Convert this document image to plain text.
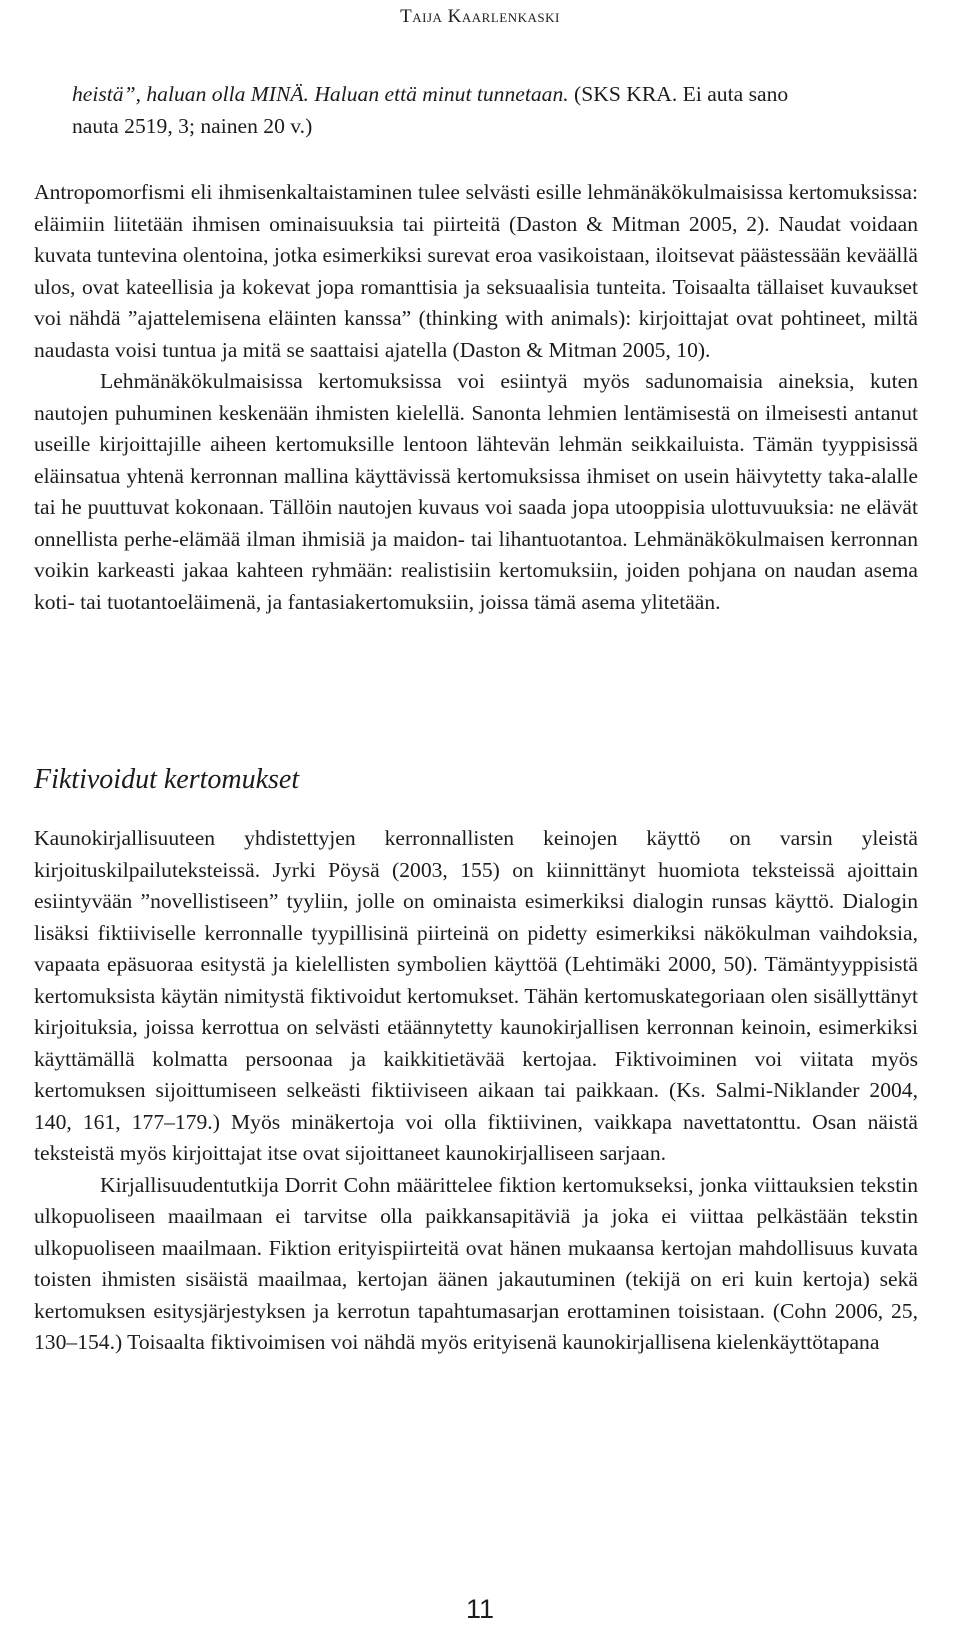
Taija Kaarlenkaski
heistä”, haluan olla MINÄ. Haluan että minut tunnetaan. (SKS KRA. Ei auta sano nauta 2519, 3; nainen 20 v.)

Antropomorfismi eli ihmisenkaltaistaminen tulee selvästi esille lehmänäkökulmaisissa kertomuksissa: eläimiin liitetään ihmisen ominaisuuksia tai piirteitä (Daston & Mitman 2005, 2). Naudat voidaan kuvata tuntevina olentoina, jotka esimerkiksi surevat eroa vasikoistaan, iloitsevat päästessään keväällä ulos, ovat kateellisia ja kokevat jopa romanttisia ja seksuaalisia tunteita. Toisaalta tällaiset kuvaukset voi nähdä ”ajattelemisena eläinten kanssa” (thinking with animals): kirjoittajat ovat pohtineet, miltä naudasta voisi tuntua ja mitä se saattaisi ajatella (Daston & Mitman 2005, 10).

Lehmänäkökulmaisissa kertomuksissa voi esiintyä myös sadunomaisia aineksia, kuten nautojen puhuminen keskenään ihmisten kielellä. Sanonta lehmien lentämisestä on ilmeisesti antanut useille kirjoittajille aiheen kertomuksille lentoon lähtevän lehmän seikkailuista. Tämän tyyppisissä eläinsatua yhtenä kerronnan mallina käyttävissä kertomuksissa ihmiset on usein häivytetty taka-alalle tai he puuttuvat kokonaan. Tällöin nautojen kuvaus voi saada jopa utooppisia ulottuvuuksia: ne elävät onnellista perhe-elämää ilman ihmisiä ja maidon- tai lihantuotantoa. Lehmänäkökulmaisen kerronnan voikin karkeasti jakaa kahteen ryhmään: realistisiin kertomuksiin, joiden pohjana on naudan asema koti- tai tuotantoeläimenä, ja fantasiakertomuksiin, joissa tämä asema ylitetään.

Fiktivoidut kertomukset

Kaunokirjallisuuteen yhdistettyjen kerronnallisten keinojen käyttö on varsin yleistä kirjoituskilpailuteksteissä. Jyrki Pöysä (2003, 155) on kiinnittänyt huomiota teksteissä ajoittain esiintyvään ”novellistiseen” tyyliin, jolle on ominaista esimerkiksi dialogin runsas käyttö. Dialogin lisäksi fiktiiviselle kerronnalle tyypillisinä piirteinä on pidetty esimerkiksi näkökulman vaihdoksia, vapaata epäsuoraa esitystä ja kielellisten symbolien käyttöä (Lehtimäki 2000, 50). Tämäntyyppisistä kertomuksista käytän nimitystä fiktivoidut kertomukset. Tähän kertomuskategoriaan olen sisällyttänyt kirjoituksia, joissa kerrottua on selvästi etäännytetty kaunokirjallisen kerronnan keinoin, esimerkiksi käyttämällä kolmatta persoonaa ja kaikkitietävää kertojaa. Fiktivoiminen voi viitata myös kertomuksen sijoittumiseen selkeästi fiktiiviseen aikaan tai paikkaan. (Ks. Salmi-Niklander 2004, 140, 161, 177–179.) Myös minäkertoja voi olla fiktiivinen, vaikkapa navettatonttu. Osan näistä teksteistä myös kirjoittajat itse ovat sijoittaneet kaunokirjalliseen sarjaan.

Kirjallisuudentutkija Dorrit Cohn määrittelee fiktion kertomukseksi, jonka viittauksien tekstin ulkopuoliseen maailmaan ei tarvitse olla paikkansapitäviä ja joka ei viittaa pelkästään tekstin ulkopuoliseen maailmaan. Fiktion erityispiirteitä ovat hänen mukaansa kertojan mahdollisuus kuvata toisten ihmisten sisäistä maailmaa, kertojan äänen jakautuminen (tekijä on eri kuin kertoja) sekä kertomuksen esitysjärjestyksen ja kerrotun tapahtumasarjan erottaminen toisistaan. (Cohn 2006, 25, 130–154.) Toisaalta fiktivoimisen voi nähdä myös erityisenä kaunokirjallisena kielenkäyttötapana

11
